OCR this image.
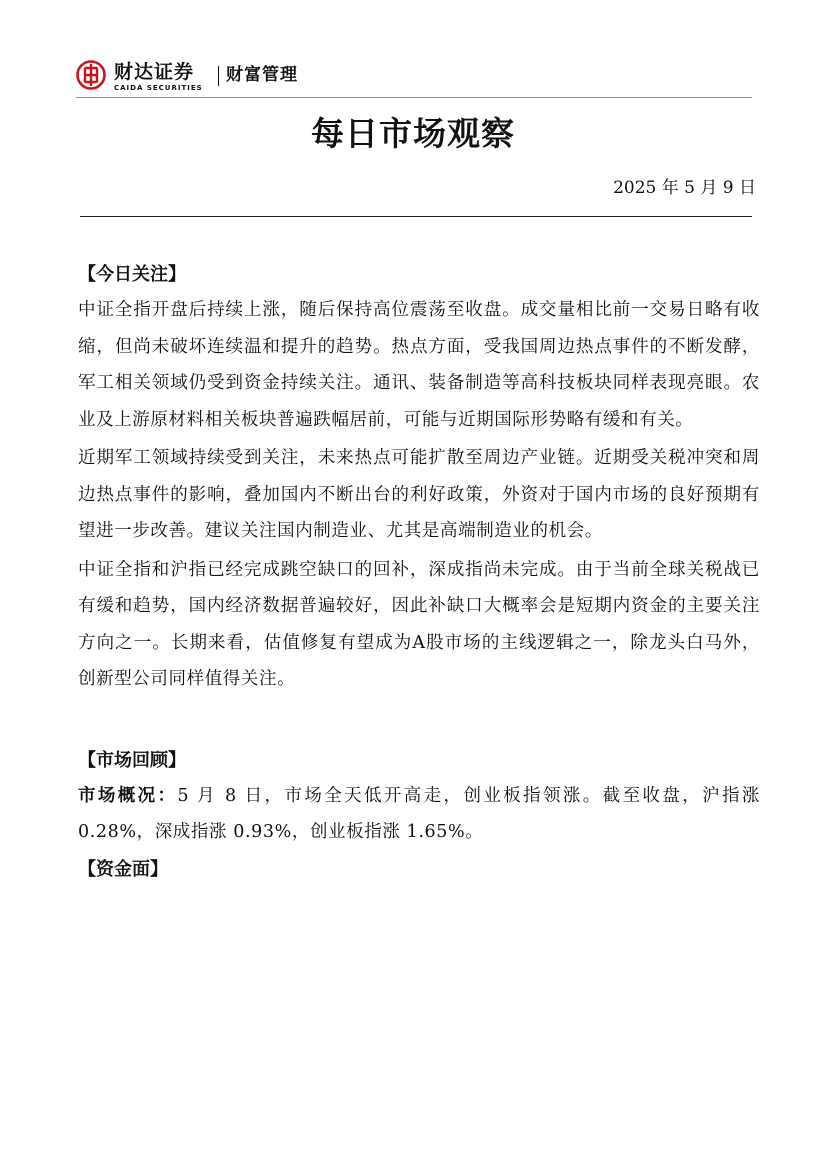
财达证券
CAIDA SECURITIES
财富管理
每日市场观察
2025 年 5 月 9 日

【今日关注】

中证全指开盘后持续上涨，随后保持高位震荡至收盘。成交量相比前一交易日略有收缩，但尚未破坏连续温和提升的趋势。热点方面，受我国周边热点事件的不断发酵，军工相关领域仍受到资金持续关注。通讯、装备制造等高科技板块同样表现亮眼。农业及上游原材料相关板块普遍跌幅居前，可能与近期国际形势略有缓和有关。

近期军工领域持续受到关注，未来热点可能扩散至周边产业链。近期受关税冲突和周边热点事件的影响，叠加国内不断出台的利好政策，外资对于国内市场的良好预期有望进一步改善。建议关注国内制造业、尤其是高端制造业的机会。

中证全指和沪指已经完成跳空缺口的回补，深成指尚未完成。由于当前全球关税战已有缓和趋势，国内经济数据普遍较好，因此补缺口大概率会是短期内资金的主要关注方向之一。长期来看，估值修复有望成为A股市场的主线逻辑之一，除龙头白马外，创新型公司同样值得关注。

【市场回顾】

市场概况：5 月 8 日，市场全天低开高走，创业板指领涨。截至收盘，沪指涨 0.28%，深成指涨 0.93%，创业板指涨 1.65%。

【资金面】
